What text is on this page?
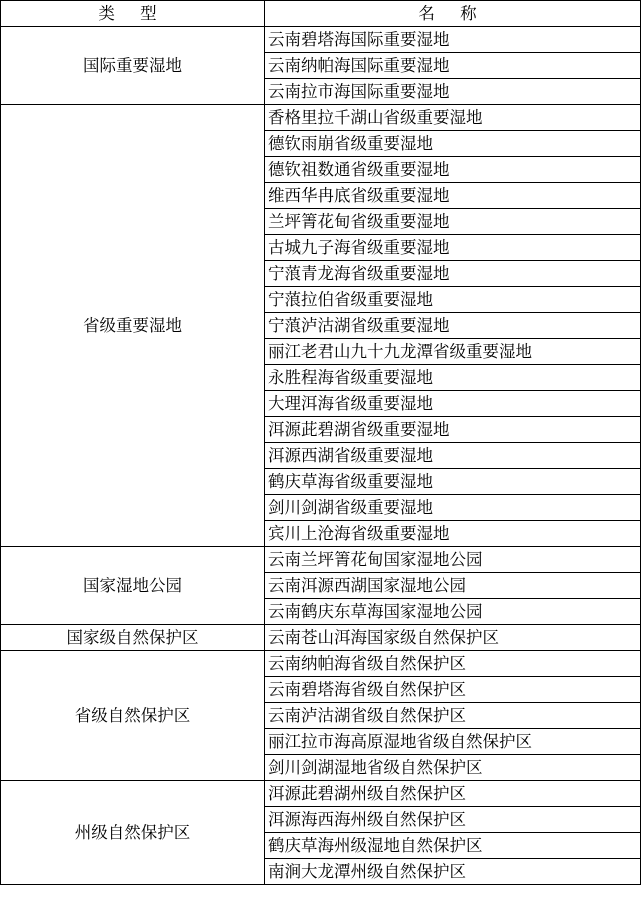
类 型	名 称
国际重要湿地	云南碧塔海国际重要湿地
	云南纳帕海国际重要湿地
	云南拉市海国际重要湿地
省级重要湿地	香格里拉千湖山省级重要湿地
	德钦雨崩省级重要湿地
	德钦祖数通省级重要湿地
	维西华冉底省级重要湿地
	兰坪箐花甸省级重要湿地
	古城九子海省级重要湿地
	宁蒗青龙海省级重要湿地
	宁蒗拉伯省级重要湿地
	宁蒗泸沽湖省级重要湿地
	丽江老君山九十九龙潭省级重要湿地
	永胜程海省级重要湿地
	大理洱海省级重要湿地
	洱源茈碧湖省级重要湿地
	洱源西湖省级重要湿地
	鹤庆草海省级重要湿地
	剑川剑湖省级重要湿地
	宾川上沧海省级重要湿地
国家湿地公园	云南兰坪箐花甸国家湿地公园
	云南洱源西湖国家湿地公园
	云南鹤庆东草海国家湿地公园
国家级自然保护区	云南苍山洱海国家级自然保护区
省级自然保护区	云南纳帕海省级自然保护区
	云南碧塔海省级自然保护区
	云南泸沽湖省级自然保护区
	丽江拉市海高原湿地省级自然保护区
	剑川剑湖湿地省级自然保护区
州级自然保护区	洱源茈碧湖州级自然保护区
	洱源海西海州级自然保护区
	鹤庆草海州级湿地自然保护区
	南涧大龙潭州级自然保护区
